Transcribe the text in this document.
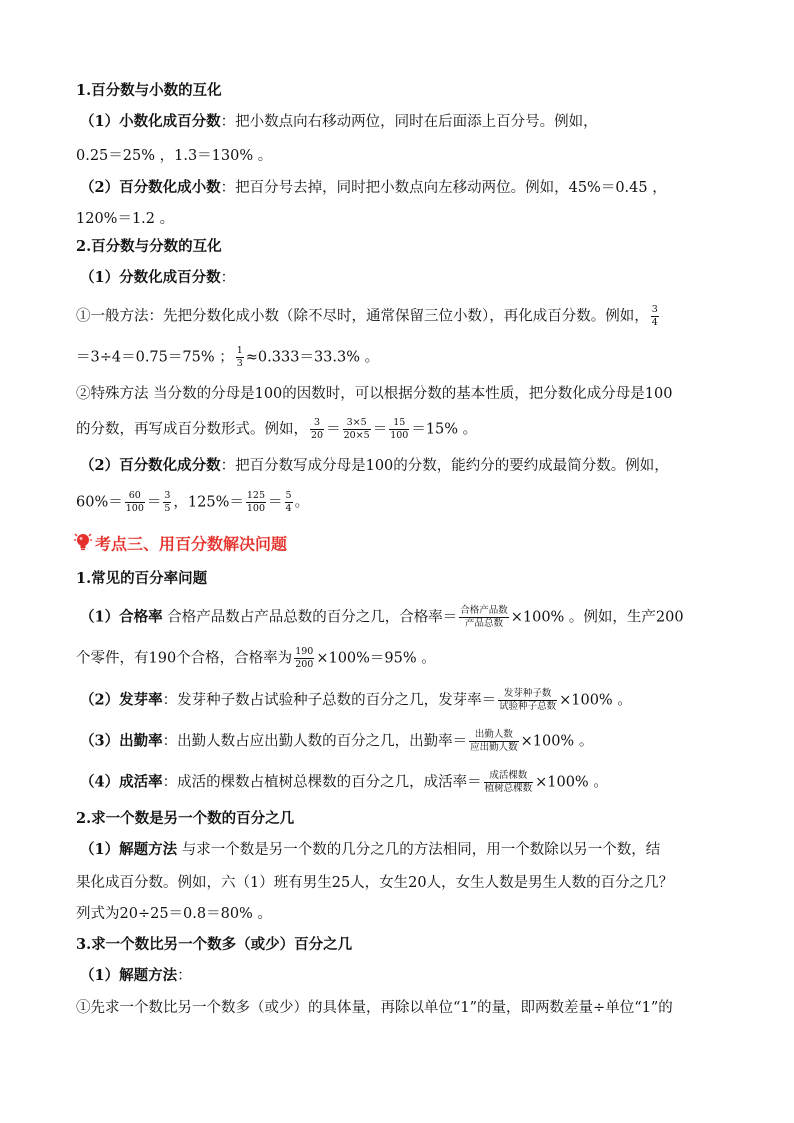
1.百分数与小数的互化
（1）小数化成百分数：把小数点向右移动两位，同时在后面添上百分号。例如，
0.25＝25% ，1.3＝130% 。
（2）百分数化成小数：把百分号去掉，同时把小数点向左移动两位。例如，45%＝0.45 ，
120%＝1.2 。
2.百分数与分数的互化
（1）分数化成百分数：
①一般方法：先把分数化成小数（除不尽时，通常保留三位小数），再化成百分数。例如， $\frac{3}{4}$
＝3÷4＝0.75＝75% ； $\frac{1}{3} \approx 0.333=33.3\%$ 。
②特殊方法 当分数的分母是100的因数时，可以根据分数的基本性质，把分数化成分母是100
的分数，再写成百分数形式。例如， $\frac{3}{20} = \frac{3\times 5}{20\times 5} = \frac{15}{100} =15\%$ 。
（2）百分数化成分数：把百分数写成分母是100的分数，能约分的要约成最简分数。例如，
$60\%= \frac{60}{100} = \frac{3}{5}$ ，$125\%= \frac{125}{100} = \frac{5}{4}$ 。
考点三、用百分数解决问题
1.常见的百分率问题
（1）合格率 合格产品数占产品总数的百分之几，合格率＝ $\frac{\text{合格产品数}}{\text{产品总数}} \times 100\%$ 。例如，生产200
个零件，有190个合格，合格率为 $\frac{190}{200} \times 100\%=95\%$ 。
（2）发芽率：发芽种子数占试验种子总数的百分之几，发芽率＝ $\frac{\text{发芽种子数}}{\text{试验种子总数}} \times 100\%$ 。
（3）出勤率：出勤人数占应出勤人数的百分之几，出勤率＝ $\frac{\text{出勤人数}}{\text{应出勤人数}} \times 100\%$ 。
（4）成活率：成活的棵数占植树总棵数的百分之几，成活率＝ $\frac{\text{成活棵数}}{\text{植树总棵数}} \times 100\%$ 。
2.求一个数是另一个数的百分之几
（1）解题方法 与求一个数是另一个数的几分之几的方法相同，用一个数除以另一个数，结
果化成百分数。例如，六（1）班有男生25人，女生20人，女生人数是男生人数的百分之几？
列式为20÷25＝0.8＝80% 。
3.求一个数比另一个数多（或少）百分之几
（1）解题方法：
①先求一个数比另一个数多（或少）的具体量，再除以单位“1”的量，即两数差量÷单位“1”的
